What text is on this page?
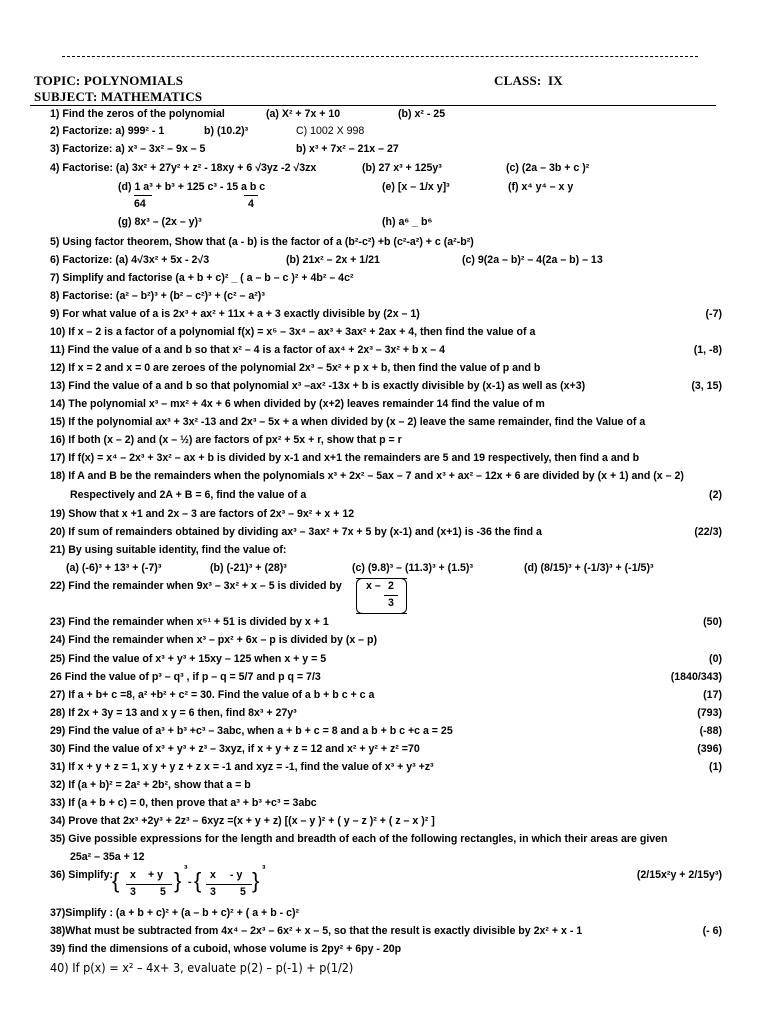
TOPIC: POLYNOMIALS	CLASS: IX
SUBJECT: MATHEMATICS
1) Find the zeros of the polynomial	(a) X² + 7x + 10	(b) x² - 25
2) Factorize: a) 999² - 1	b) (10.2)³	C) 1002 X 998
3) Factorize: a) x³ – 3x² – 9x – 5	b) x³ + 7x² – 21x – 27
4) Factorise: (a) 3x² + 27y² + z² - 18xy + 6 √3yz -2 √3zx	(b) 27 x³ + 125y³	(c) (2a – 3b + c )²
(d) 1 a³ + b³ + 125 c³ - 15 a b c	(e) [x – 1/x y]³	(f) x⁴ y⁴ – x y
64	4
(g) 8x³ – (2x – y)³	(h) a⁶ _ b⁶
5) Using factor theorem, Show that (a - b) is the factor of a (b²-c²) +b (c²-a²) + c (a²-b²)
6) Factorize: (a) 4√3x² + 5x - 2√3	(b) 21x² – 2x + 1/21	(c) 9(2a – b)² – 4(2a – b) – 13
7) Simplify and factorise (a + b + c)² _ ( a – b – c )² + 4b² – 4c²
8) Factorise: (a² – b²)³ + (b² – c²)³ + (c² – a²)³
9) For what value of a is 2x³ + ax² + 11x + a + 3 exactly divisible by (2x – 1)	(-7)
10) If x – 2 is a factor of a polynomial f(x) = x⁵ – 3x⁴ – ax³ + 3ax² + 2ax + 4, then find the value of a
11) Find the value of a and b so that x² – 4 is a factor of ax⁴ + 2x³ – 3x² + b x – 4	(1, -8)
12) If x = 2 and x = 0 are zeroes of the polynomial 2x³ – 5x² + p x + b, then find the value of p and b
13) Find the value of a and b so that polynomial x³ –ax² -13x + b is exactly divisible by (x-1) as well as (x+3)	(3, 15)
14) The polynomial x³ – mx² + 4x + 6 when divided by (x+2) leaves remainder 14 find the value of m
15) If the polynomial ax³ + 3x² -13 and 2x³ – 5x + a when divided by (x – 2) leave the same remainder, find the Value of a
16) If both (x – 2) and (x – ½) are factors of px² + 5x + r, show that p = r
17) If f(x) = x⁴ – 2x³ + 3x² – ax + b is divided by x-1 and x+1 the remainders are 5 and 19 respectively, then find a and b
18) If A and B be the remainders when the polynomials x³ + 2x² – 5ax – 7 and x³ + ax² – 12x + 6 are divided by (x + 1) and (x – 2)
Respectively and 2A + B = 6, find the value of a	(2)
19) Show that x +1 and 2x – 3 are factors of 2x³ – 9x² + x + 12
20) If sum of remainders obtained by dividing ax³ – 3ax² + 7x + 5 by (x-1) and (x+1) is -36 the find a	(22/3)
21) By using suitable identity, find the value of:
(a) (-6)³ + 13³ + (-7)³	(b) (-21)³ + (28)³	(c) (9.8)³ – (11.3)³ + (1.5)³	(d) (8/15)³ + (-1/3)³ + (-1/5)³
22) Find the remainder when 9x³ – 3x² + x – 5 is divided by x – 2
3
23) Find the remainder when x⁵¹ + 51 is divided by x + 1	(50)
24) Find the remainder when x³ – px² + 6x – p is divided by (x – p)
25) Find the value of x³ + y³ + 15xy – 125 when x + y = 5	(0)
26 Find the value of p³ – q³ , if p – q = 5/7 and p q = 7/3	(1840/343)
27) If a + b+ c =8, a² +b² + c² = 30. Find the value of a b + b c + c a	(17)
28) If 2x + 3y = 13 and x y = 6 then, find 8x³ + 27y³	(793)
29) Find the value of a³ + b³ +c³ – 3abc, when a + b + c = 8 and a b + b c +c a = 25	(-88)
30) Find the value of x³ + y³ + z³ – 3xyz, if x + y + z = 12 and x² + y² + z² =70	(396)
31) If x + y + z = 1, x y + y z + z x = -1 and xyz = -1, find the value of x³ + y³ +z³	(1)
32) If (a + b)² = 2a² + 2b², show that a = b
33) If (a + b + c) = 0, then prove that a³ + b³ +c³ = 3abc
34) Prove that 2x³ +2y³ + 2z³ – 6xyz =(x + y + z) [(x – y )² + ( y – z )² + ( z – x )² ]
35) Give possible expressions for the length and breadth of each of the following rectangles, in which their areas are given
25a² – 35a + 12
36) Simplify:	(2/15x²y + 2/15y³)
{ x + y
3 5 } ³
- { x - y
3 5 } ³
37)Simplify : (a + b + c)² + (a – b + c)² + ( a + b - c)²
38)What must be subtracted from 4x⁴ – 2x³ – 6x² + x – 5, so that the result is exactly divisible by 2x² + x - 1	(- 6)
39) find the dimensions of a cuboid, whose volume is 2py² + 6py - 20p
40) If p(x) = x² – 4x+ 3, evaluate p(2) – p(-1) + p(1/2)
